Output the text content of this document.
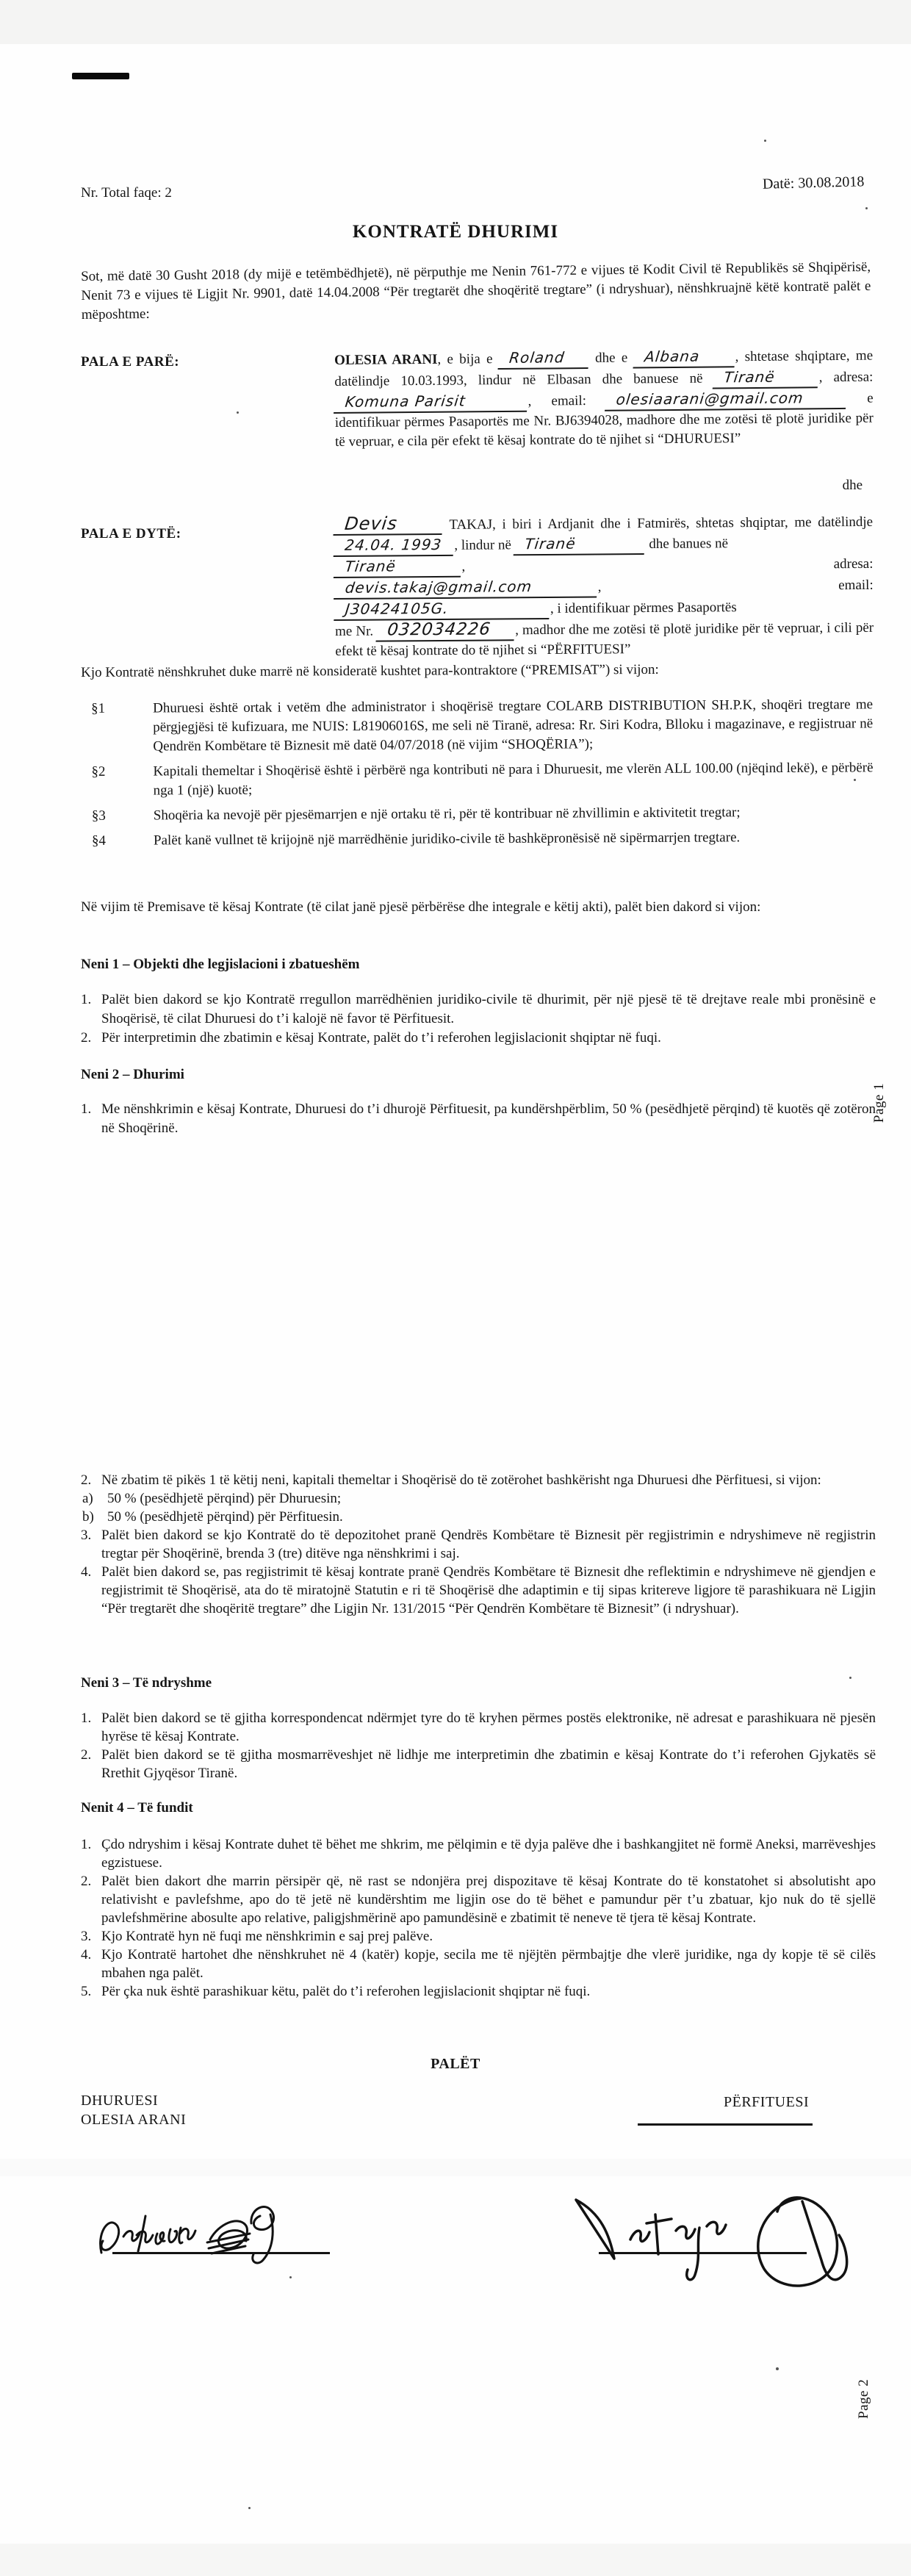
Nr. Total faqe: 2
Datë: 30.08.2018
KONTRATË DHURIMI
Sot, më datë 30 Gusht 2018 (dy mijë e tetëmbëdhjetë), në përputhje me Nenin 761-772 e vijues të Kodit Civil të Republikës së Shqipërisë, Nenit 73 e vijues të Ligjit Nr. 9901, datë 14.04.2008 “Për tregtarët dhe shoqëritë tregtare” (i ndryshuar), nënshkruajnë këtë kontratë palët e mëposhtme:
PALA E PARË:	OLESIA ARANI, e bija e Roland dhe e Albana , shtetase shqiptare, me datëlindje 10.03.1993, lindur në Elbasan dhe banuese në Tiranë	, adresa: Komuna Parisit	, email: olesiaarani@gmail.com	e identifikuar përmes Pasaportës me Nr. BJ6394028, madhore dhe me zotësi të plotë juridike për të vepruar, e cila për efekt të kësaj kontrate do të njihet si “DHURUESI”
dhe
PALA E DYTË:	Devis	TAKAJ, i biri i Ardjanit dhe i Fatmirës, shtetas shqiptar, me datëlindje 24.04. 1993 , lindur në Tiranë	dhe banues në
Tiranë	,	adresa:
devis.takaj@gmail.com	,	email:
J30424105G.	, i identifikuar përmes Pasaportës
me Nr. 032034226 , madhor dhe me zotësi të plotë juridike për të vepruar, i cili për efekt të kësaj kontrate do të njihet si “PËRFITUESI”
Kjo Kontratë nënshkruhet duke marrë në konsideratë kushtet para-kontraktore (“PREMISAT”) si vijon:
§1	Dhuruesi është ortak i vetëm dhe administrator i shoqërisë tregtare COLARB DISTRIBUTION SH.P.K, shoqëri tregtare me përgjegjësi të kufizuara, me NUIS: L81906016S, me seli në Tiranë, adresa: Rr. Siri Kodra, Blloku i magazinave, e regjistruar në Qendrën Kombëtare të Biznesit më datë 04/07/2018 (në vijim “SHOQËRIA”);
§2	Kapitali themeltar i Shoqërisë është i përbërë nga kontributi në para i Dhuruesit, me vlerën ALL 100.00 (njëqind lekë), e përbërë nga 1 (një) kuotë;
§3	Shoqëria ka nevojë për pjesëmarrjen e një ortaku të ri, për të kontribuar në zhvillimin e aktivitetit tregtar;
§4	Palët kanë vullnet të krijojnë një marrëdhënie juridiko-civile të bashkëpronësisë në sipërmarrjen tregtare.
Në vijim të Premisave të kësaj Kontrate (të cilat janë pjesë përbërëse dhe integrale e këtij akti), palët bien dakord si vijon:
Neni 1 – Objekti dhe legjislacioni i zbatueshëm
1. Palët bien dakord se kjo Kontratë rregullon marrëdhënien juridiko-civile të dhurimit, për një pjesë të të drejtave reale mbi pronësinë e Shoqërisë, të cilat Dhuruesi do t’i kalojë në favor të Përfituesit.
2. Për interpretimin dhe zbatimin e kësaj Kontrate, palët do t’i referohen legjislacionit shqiptar në fuqi.
Neni 2 – Dhurimi
1. Me nënshkrimin e kësaj Kontrate, Dhuruesi do t’i dhurojë Përfituesit, pa kundërshpërblim, 50 % (pesëdhjetë përqind) të kuotës që zotëron në Shoqërinë.
Page 1
2. Në zbatim të pikës 1 të këtij neni, kapitali themeltar i Shoqërisë do të zotërohet bashkërisht nga Dhuruesi dhe Përfituesi, si vijon:
a)	50 % (pesëdhjetë përqind) për Dhuruesin;
b) 50 % (pesëdhjetë përqind) për Përfituesin.
3. Palët bien dakord se kjo Kontratë do të depozitohet pranë Qendrës Kombëtare të Biznesit për regjistrimin e ndryshimeve në regjistrin tregtar për Shoqërinë, brenda 3 (tre) ditëve nga nënshkrimi i saj.
4. Palët bien dakord se, pas regjistrimit të kësaj kontrate pranë Qendrës Kombëtare të Biznesit dhe reflektimin e ndryshimeve në gjendjen e regjistrimit të Shoqërisë, ata do të miratojnë Statutin e ri të Shoqërisë dhe adaptimin e tij sipas kritereve ligjore të parashikuara në Ligjin “Për tregtarët dhe shoqëritë tregtare” dhe Ligjin Nr. 131/2015 “Për Qendrën Kombëtare të Biznesit” (i ndryshuar).
Neni 3 – Të ndryshme
1. Palët bien dakord se të gjitha korrespondencat ndërmjet tyre do të kryhen përmes postës elektronike, në adresat e parashikuara në pjesën hyrëse të kësaj Kontrate.
2. Palët bien dakord se të gjitha mosmarrëveshjet në lidhje me interpretimin dhe zbatimin e kësaj Kontrate do t’i referohen Gjykatës së Rrethit Gjyqësor Tiranë.
Nenit 4 – Të fundit
1. Çdo ndryshim i kësaj Kontrate duhet të bëhet me shkrim, me pëlqimin e të dyja palëve dhe i bashkangjitet në formë Aneksi, marrëveshjes egzistuese.
2. Palët bien dakort dhe marrin përsipër që, në rast se ndonjëra prej dispozitave të kësaj Kontrate do të konstatohet si absolutisht apo relativisht e pavlefshme, apo do të jetë në kundërshtim me ligjin ose do të bëhet e pamundur për t’u zbatuar, kjo nuk do të sjellë pavlefshmërine abosulte apo relative, paligjshmërinë apo pamundësinë e zbatimit të neneve të tjera të kësaj Kontrate.
3. Kjo Kontratë hyn në fuqi me nënshkrimin e saj prej palëve.
4. Kjo Kontratë hartohet dhe nënshkruhet në 4 (katër) kopje, secila me të njëjtën përmbajtje dhe vlerë juridike, nga dy kopje të së cilës mbahen nga palët.
5. Për çka nuk është parashikuar këtu, palët do t’i referohen legjislacionit shqiptar në fuqi.
PALËT
DHURUESI
OLESIA ARANI
PËRFITUESI
Page 2
